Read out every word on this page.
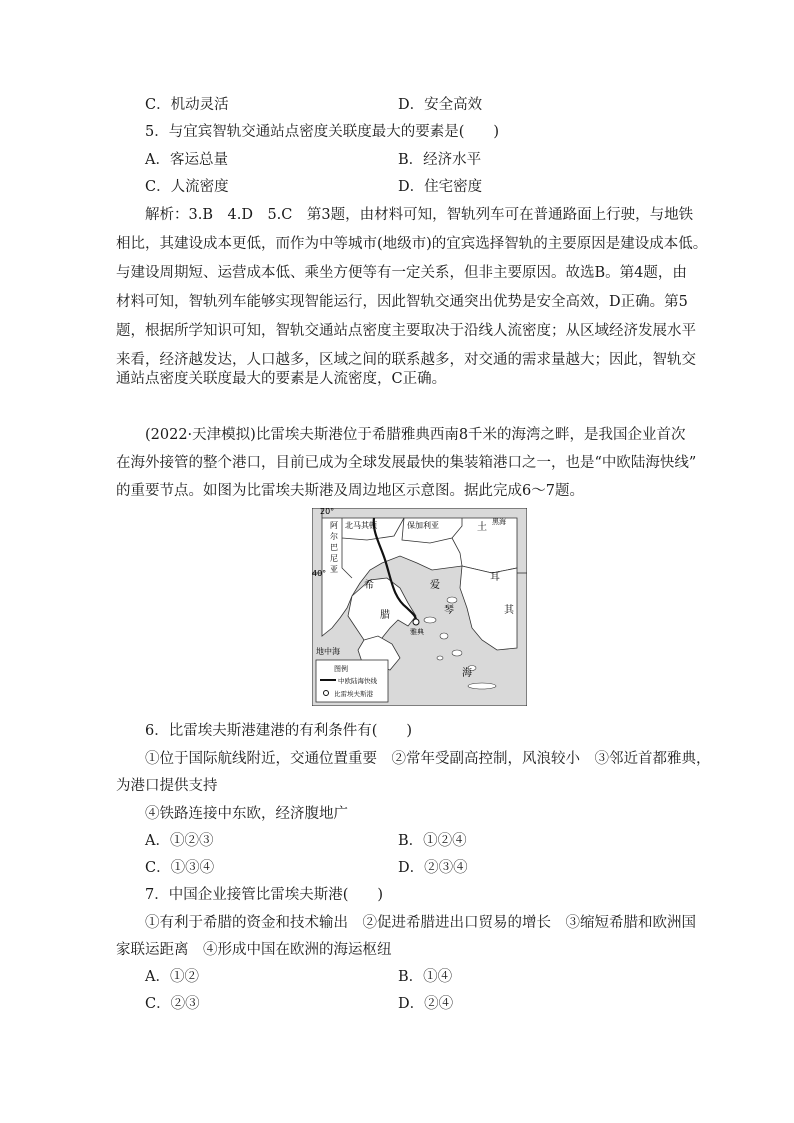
C．机动灵活	D．安全高效
5．与宜宾智轨交通站点密度关联度最大的要素是(　　)
A．客运总量	B．经济水平
C．人流密度	D．住宅密度
解析：3.B　4.D　5.C　第3题，由材料可知，智轨列车可在普通路面上行驶，与地铁
相比，其建设成本更低，而作为中等城市(地级市)的宜宾选择智轨的主要原因是建设成本低。
与建设周期短、运营成本低、乘坐方便等有一定关系，但非主要原因。故选B。第4题，由
材料可知，智轨列车能够实现智能运行，因此智轨交通突出优势是安全高效，D正确。第5
题，根据所学知识可知，智轨交通站点密度主要取决于沿线人流密度；从区域经济发展水平
来看，经济越发达，人口越多，区域之间的联系越多，对交通的需求量越大；因此，智轨交
通站点密度关联度最大的要素是人流密度，C正确。
(2022·天津模拟)比雷埃夫斯港位于希腊雅典西南8千米的海湾之畔，是我国企业首次
在海外接管的整个港口，目前已成为全球发展最快的集装箱港口之一，也是“中欧陆海快线”
的重要节点。如图为比雷埃夫斯港及周边地区示意图。据此完成6～7题。
20°
40°
阿
尔
巴
尼
亚
北马其顿	保加利亚	黑海
土
耳
其
希
腊
爱
琴
海
雅典
地中海
图例
中欧陆海快线
比雷埃夫斯港
6．比雷埃夫斯港建港的有利条件有(　　)
①位于国际航线附近，交通位置重要　②常年受副高控制，风浪较小　③邻近首都雅典，
为港口提供支持
④铁路连接中东欧，经济腹地广
A．①②③	B．①②④
C．①③④	D．②③④
7．中国企业接管比雷埃夫斯港(　　)
①有利于希腊的资金和技术输出　②促进希腊进出口贸易的增长　③缩短希腊和欧洲国
家联运距离　④形成中国在欧洲的海运枢纽
A．①②	B．①④
C．②③	D．②④
